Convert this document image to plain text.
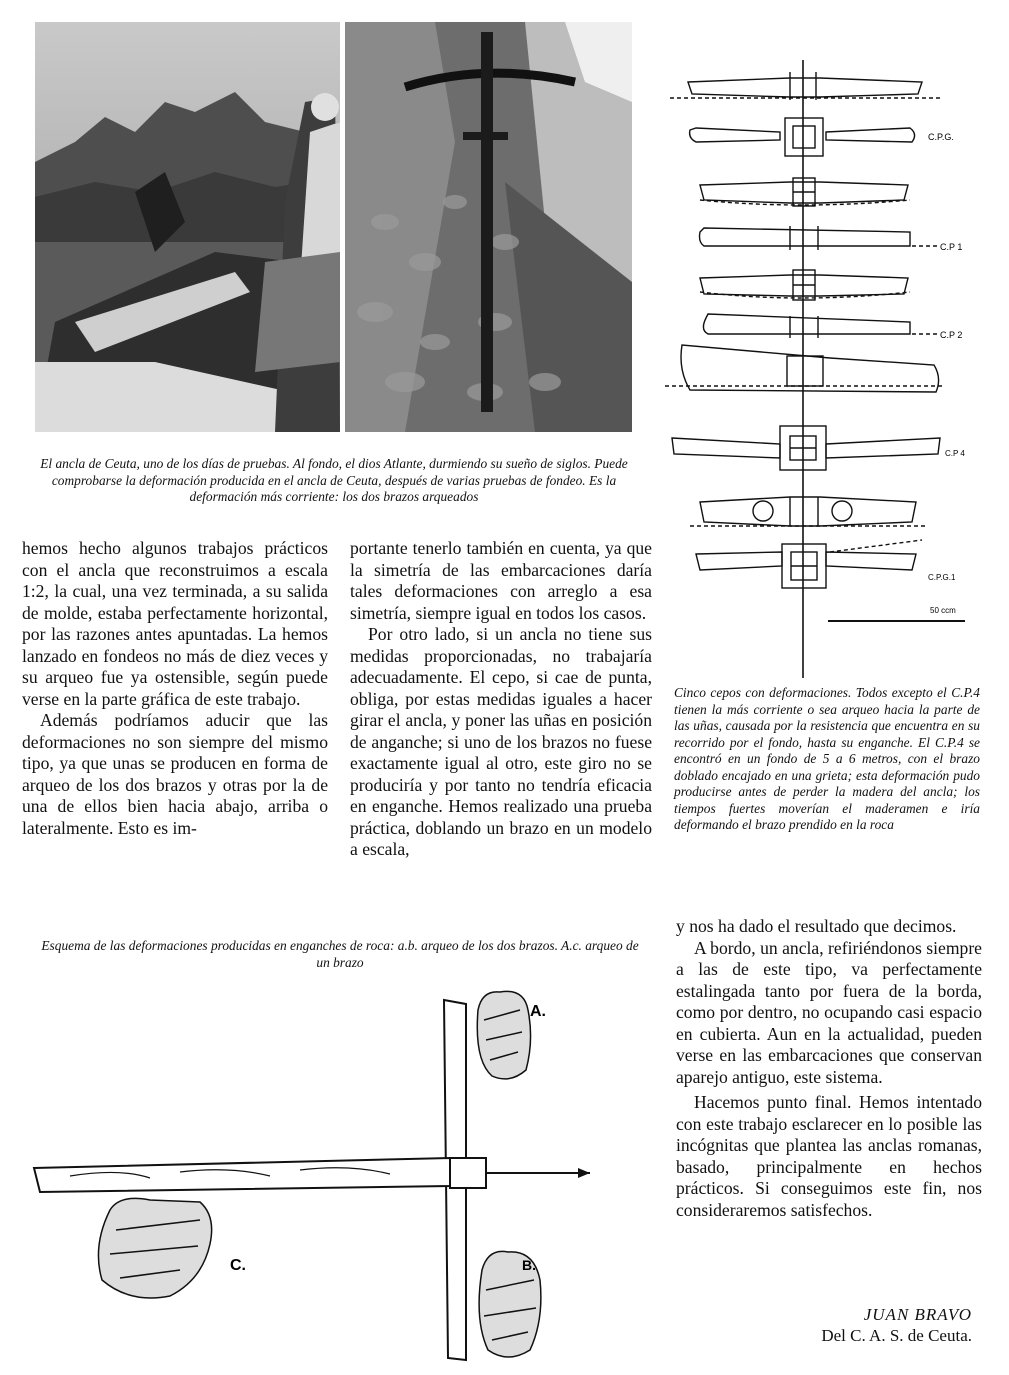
El ancla de Ceuta, uno de los días de pruebas. Al fondo, el dios Atlante, durmiendo su sueño de siglos. Puede comprobarse la deformación producida en el ancla de Ceuta, después de varias pruebas de fondeo. Es la deformación más corriente: los dos brazos arqueados
C.P.G.
C.P 1
C.P 2
C.P 4
C.P.G.1
50 ccm
Cinco cepos con deformaciones. Todos excepto el C.P.4 tienen la más corriente o sea arqueo hacia la parte de las uñas, causada por la resistencia que encuentra en su recorrido por el fondo, hasta su enganche. El C.P.4 se encontró en un fondo de 5 a 6 metros, con el brazo doblado encajado en una grieta; esta deformación pudo producirse antes de perder la madera del ancla; los tiempos fuertes moverían el maderamen e iría deformando el brazo prendido en la roca

hemos hecho algunos trabajos prácticos con el ancla que reconstruimos a escala 1:2, la cual, una vez terminada, a su salida de molde, estaba perfectamente horizontal, por las razones antes apuntadas. La hemos lanzado en fondeos no más de diez veces y su arqueo fue ya ostensible, según puede verse en la parte gráfica de este trabajo.

Además podríamos aducir que las deformaciones no son siempre del mismo tipo, ya que unas se producen en forma de arqueo de los dos brazos y otras por la de una de ellos bien hacia abajo, arriba o lateralmente. Esto es im-

portante tenerlo también en cuenta, ya que la simetría de las embarcaciones daría tales deformaciones con arreglo a esa simetría, siempre igual en todos los casos.

Por otro lado, si un ancla no tiene sus medidas proporcionadas, no trabajaría adecuadamente. El cepo, si cae de punta, obliga, por estas medidas iguales a hacer girar el ancla, y poner las uñas en posición de anganche; si uno de los brazos no fuese exactamente igual al otro, este giro no se produciría y por tanto no tendría eficacia en enganche. Hemos realizado una prueba práctica, doblando un brazo en un modelo a escala,

Esquema de las deformaciones producidas en enganches de roca: a.b. arqueo de los dos brazos. A.c. arqueo de un brazo
A.
C.	B.

y nos ha dado el resultado que decimos.

A bordo, un ancla, refiriéndonos siempre a las de este tipo, va perfectamente estalingada tanto por fuera de la borda, como por dentro, no ocupando casi espacio en cubierta. Aun en la actualidad, pueden verse en las embarcaciones que conservan aparejo antiguo, este sistema.

Hacemos punto final. Hemos intentado con este trabajo esclarecer en lo posible las incógnitas que plantea las anclas romanas, basado, principalmente en hechos prácticos. Si conseguimos este fin, nos consideraremos satisfechos.

JUAN BRAVO
Del C. A. S. de Ceuta.
